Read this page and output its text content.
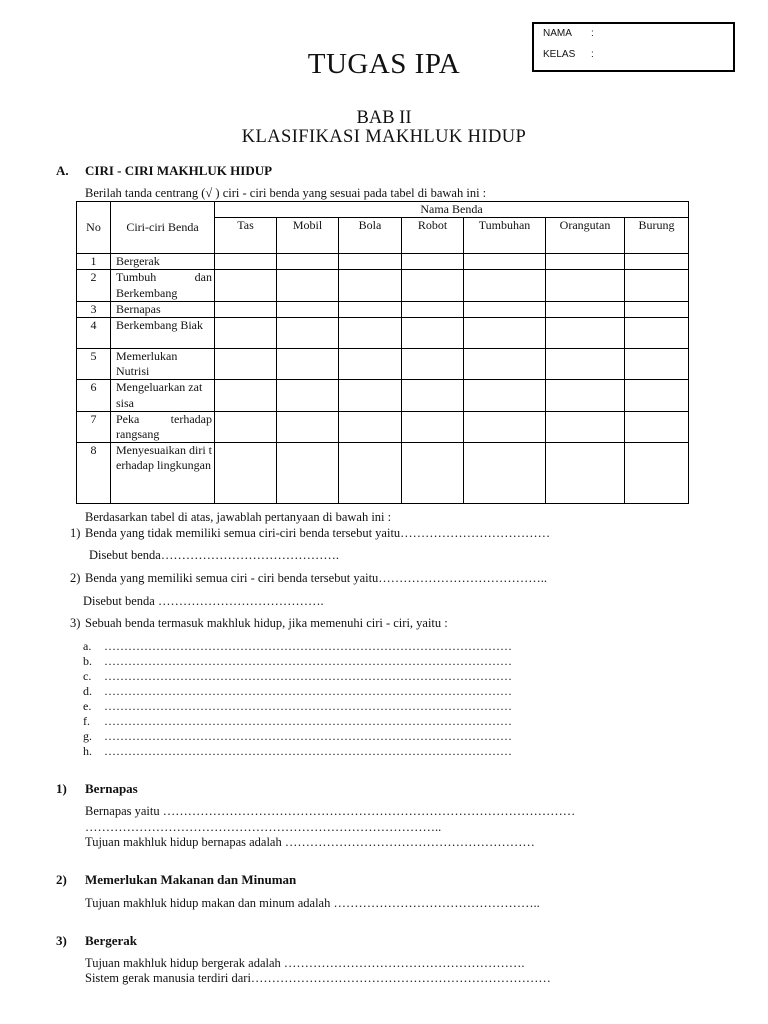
NAMA :
KELAS :
TUGAS IPA
BAB II
KLASIFIKASI MAKHLUK HIDUP
A. CIRI - CIRI MAKHLUK HIDUP
Berilah tanda centrang (√ ) ciri - ciri benda yang sesuai pada tabel di bawah ini :
No	Ciri-ciri Benda	Nama Benda						
		Tas	Mobil	Bola	Robot	Tumbuhan	Orangutan	Burung
1	Bergerak							
2	Tumbuh dan Berkembang							
3	Bernapas							
4	Berkembang Biak							
5	Memerlukan Nutrisi							
6	Mengeluarkan zat sisa							
7	Peka terhadap rangsang							
8	Menyesuaikan diri terhadap lingkungan							
Berdasarkan tabel di atas, jawablah pertanyaan di bawah ini :
1) Benda yang tidak memiliki semua ciri-ciri benda tersebut yaitu………………………………
Disebut benda…………………………………….
2) Benda yang memiliki semua ciri - ciri benda tersebut yaitu…………………………………..
Disebut benda ………………………………….
3) Sebuah benda termasuk makhluk hidup, jika memenuhi ciri - ciri, yaitu :
a. …………………………………………………………………………………………
b. …………………………………………………………………………………………
c. …………………………………………………………………………………………
d. …………………………………………………………………………………………
e. …………………………………………………………………………………………
f. …………………………………………………………………………………………
g. …………………………………………………………………………………………
h. …………………………………………………………………………………………
1) Bernapas
Bernapas yaitu ………………………………………………………………………………………
…………………………………………………………………………..
Tujuan makhluk hidup bernapas adalah ……………………………………………………
2) Memerlukan Makanan dan Minuman
Tujuan makhluk hidup makan dan minum adalah …………………………………………..
3) Bergerak
Tujuan makhluk hidup bergerak adalah ………………………………………………….
Sistem gerak manusia terdiri dari………………………………………………………………
